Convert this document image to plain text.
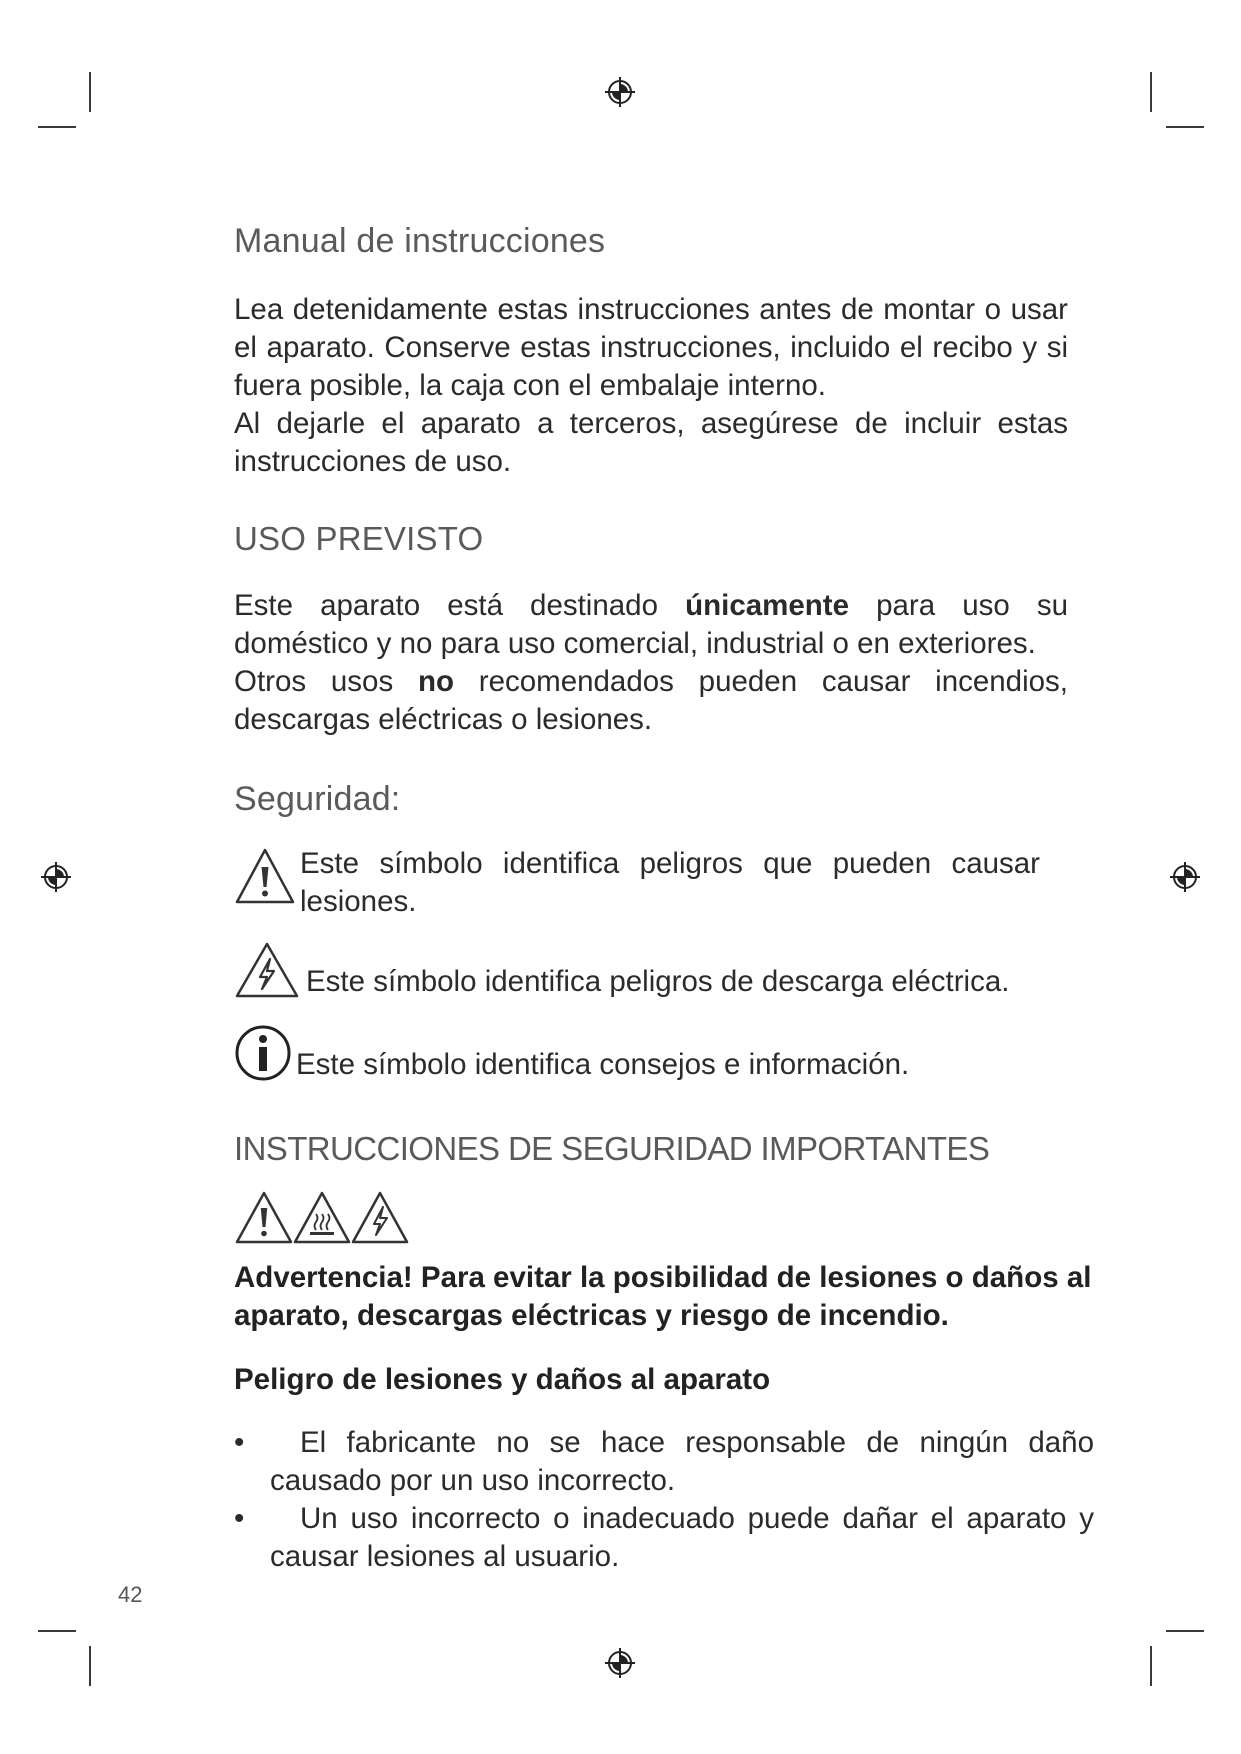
Manual de instrucciones

Lea detenidamente estas instrucciones antes de montar o usar el aparato. Conserve estas instrucciones, incluido el recibo y si fuera posible, la caja con el embalaje interno.
Al dejarle el aparato a terceros, asegúrese de incluir estas instrucciones de uso.

USO PREVISTO

Este aparato está destinado únicamente para uso su doméstico y no para uso comercial, industrial o en exteriores.
Otros usos no recomendados pueden causar incendios, descargas eléctricas o lesiones.

Seguridad:

Este símbolo identifica peligros que pueden causar lesiones.

Este símbolo identifica peligros de descarga eléctrica.

Este símbolo identifica consejos e información.

INSTRUCCIONES DE SEGURIDAD IMPORTANTES

Advertencia! Para evitar la posibilidad de lesiones o daños al aparato, descargas eléctricas y riesgo de incendio.

Peligro de lesiones y daños al aparato

•	El fabricante no se hace responsable de ningún daño causado por un uso incorrecto.
•	Un uso incorrecto o inadecuado puede dañar el aparato y causar lesiones al usuario.
42
